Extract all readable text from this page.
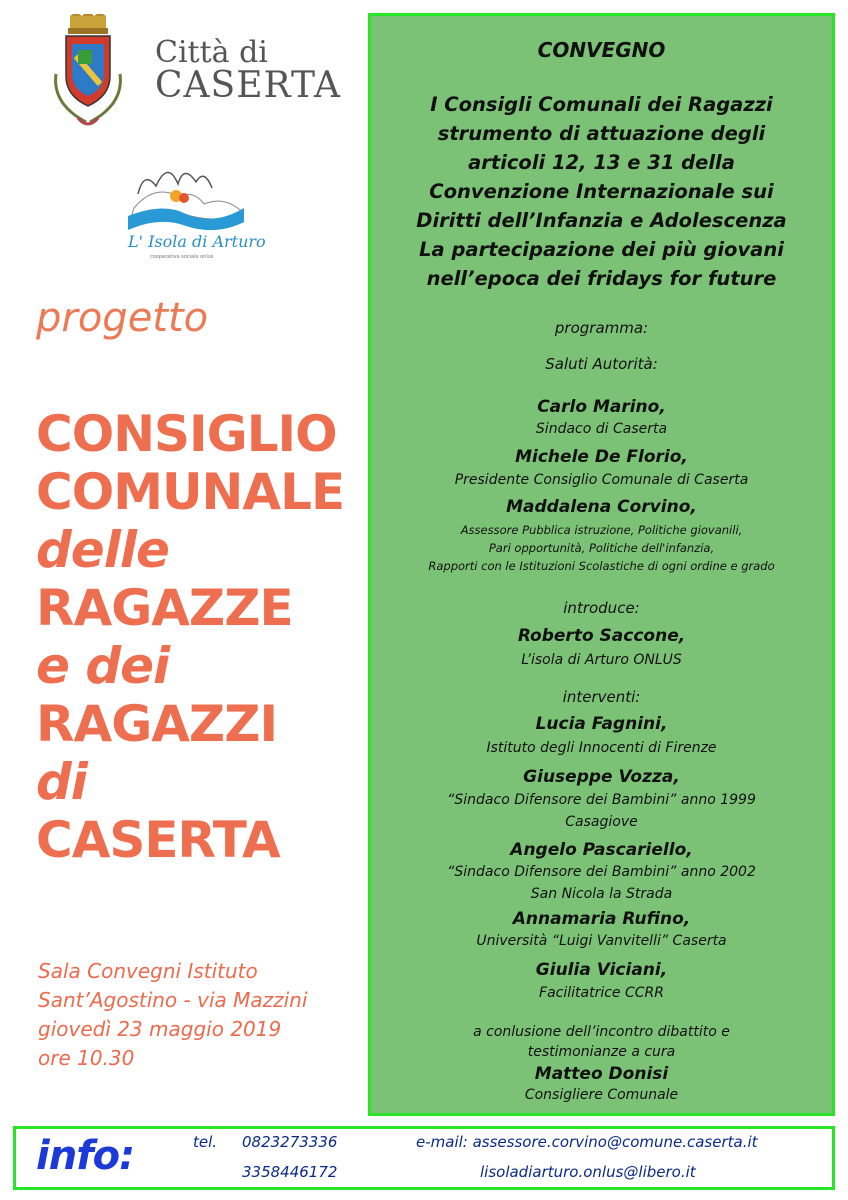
Città di
CASERTA
L' Isola di Arturo
cooperativa sociale onlus
progetto
CONSIGLIO
COMUNALE
delle
RAGAZZE
e dei
RAGAZZI
di
CASERTA
Sala Convegni Istituto
Sant’Agostino - via Mazzini
giovedì 23 maggio 2019
ore 10.30
CONVEGNO
I Consigli Comunali dei Ragazzi
strumento di attuazione degli
articoli 12, 13 e 31 della
Convenzione Internazionale sui
Diritti dell’Infanzia e Adolescenza
La partecipazione dei più giovani
nell’epoca dei fridays for future
programma:
Saluti Autorità:
Carlo Marino,
Sindaco di Caserta
Michele De Florio,
Presidente Consiglio Comunale di Caserta
Maddalena Corvino,
Assessore Pubblica istruzione, Politiche giovanili,
Pari opportunità, Politiche dell'infanzia,
Rapporti con le Istituzioni Scolastiche di ogni ordine e grado
introduce:
Roberto Saccone,
L’isola di Arturo ONLUS
interventi:
Lucia Fagnini,
Istituto degli Innocenti di Firenze
Giuseppe Vozza,
“Sindaco Difensore dei Bambini” anno 1999
Casagiove
Angelo Pascariello,
“Sindaco Difensore dei Bambini” anno 2002
San Nicola la Strada
Annamaria Rufino,
Università “Luigi Vanvitelli” Caserta
Giulia Viciani,
Facilitatrice CCRR
a conlusione dell’incontro dibattito e
testimonianze a cura
Matteo Donisi
Consigliere Comunale
info:	tel. 0823273336
3358446172
e-mail: assessore.corvino@comune.caserta.it
lisoladiarturo.onlus@libero.it
